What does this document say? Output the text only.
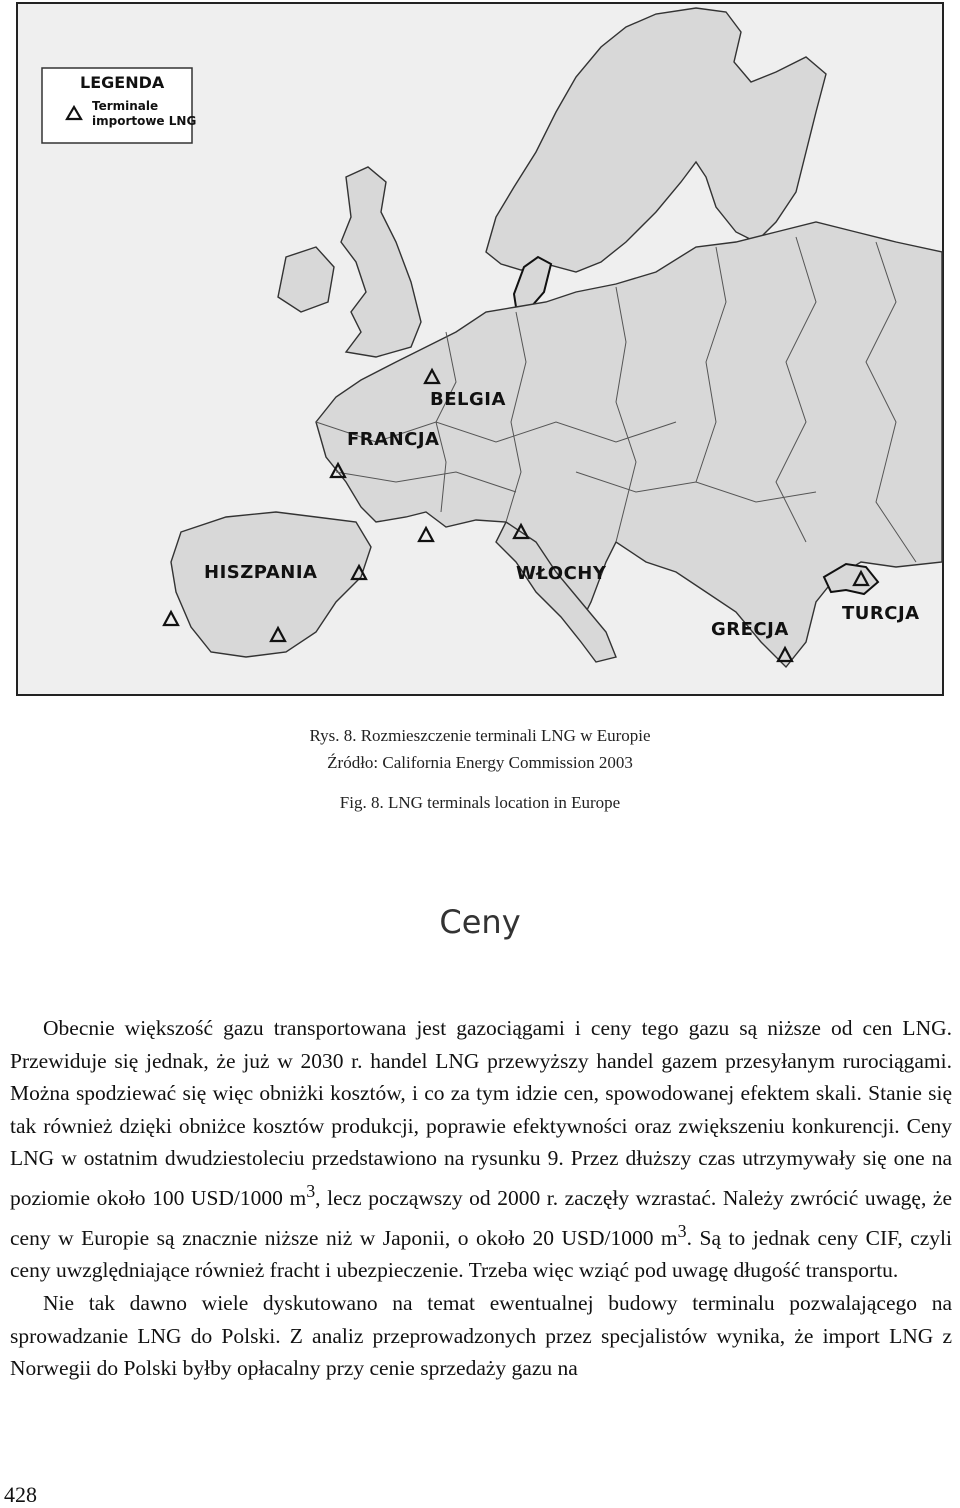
LEGENDA
Terminale
importowe LNG
BELGIA
FRANCJA
HISZPANIA	WŁOCHY
GRECJA
TURCJA
Rys. 8. Rozmieszczenie terminali LNG w Europie
Źródło: California Energy Commission 2003
Fig. 8. LNG terminals location in Europe
Ceny

Obecnie większość gazu transportowana jest gazociągami i ceny tego gazu są niższe od cen LNG. Przewiduje się jednak, że już w 2030 r. handel LNG przewyższy handel gazem przesyłanym rurociągami. Można spodziewać się więc obniżki kosztów, i co za tym idzie cen, spowodowanej efektem skali. Stanie się tak również dzięki obniżce kosztów produkcji, poprawie efektywności oraz zwiększeniu konkurencji. Ceny LNG w ostatnim dwudziestoleciu przedstawiono na rysunku 9. Przez dłuższy czas utrzymywały się one na poziomie około 100 USD/1000 $m^3$, lecz począwszy od 2000 r. zaczęły wzrastać. Należy zwrócić uwagę, że ceny w Europie są znacznie niższe niż w Japonii, o około 20 USD/1000 $m^3$. Są to jednak ceny CIF, czyli ceny uwzględniające również fracht i ubezpieczenie. Trzeba więc wziąć pod uwagę długość transportu.

Nie tak dawno wiele dyskutowano na temat ewentualnej budowy terminalu pozwalającego na sprowadzanie LNG do Polski. Z analiz przeprowadzonych przez specjalistów wynika, że import LNG z Norwegii do Polski byłby opłacalny przy cenie sprzedaży gazu na

428
